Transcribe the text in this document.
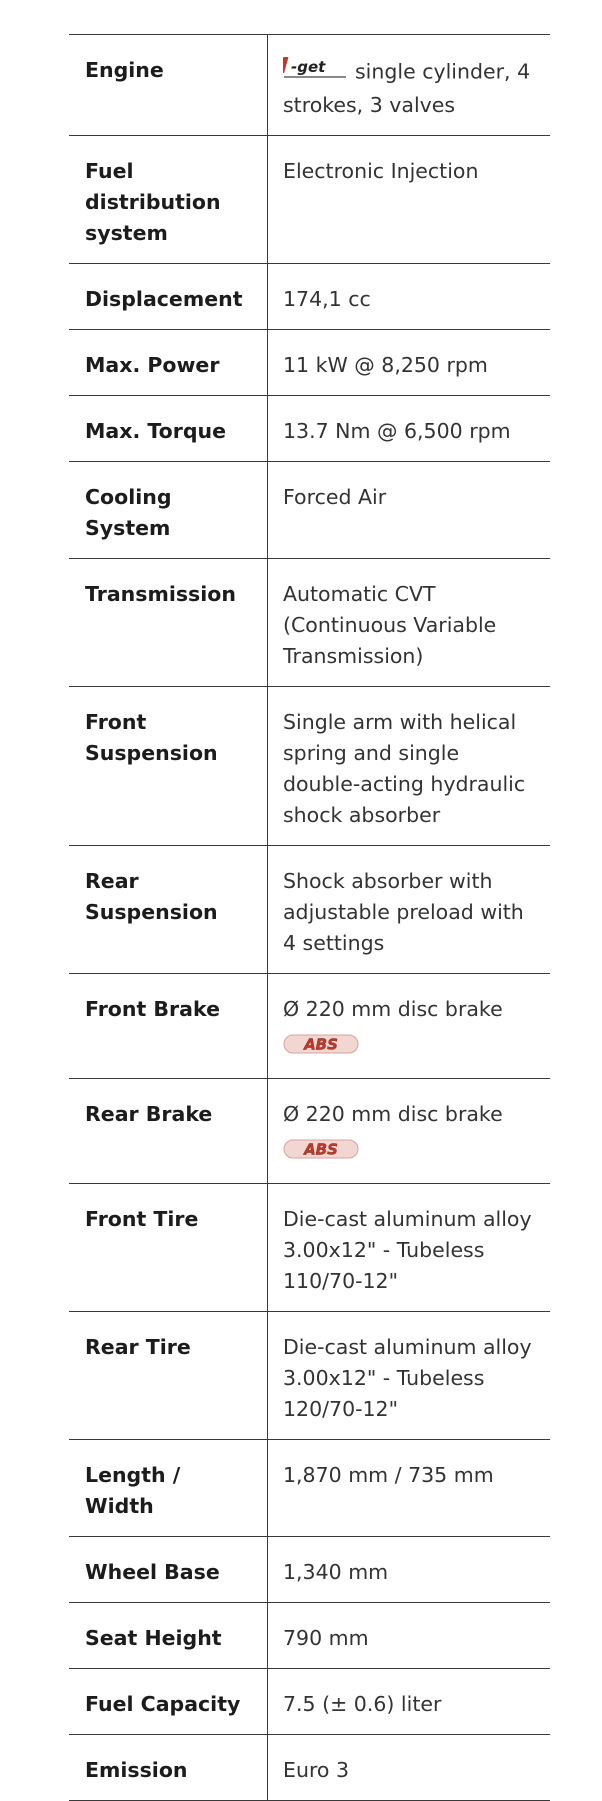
Engine	-get single cylinder, 4 strokes, 3 valves
Fuel distribution system	Electronic Injection
Displacement	174,1 cc
Max. Power	11 kW @ 8,250 rpm
Max. Torque	13.7 Nm @ 6,500 rpm
Cooling System	Forced Air
Transmission	Automatic CVT (Continuous Variable Transmission)
Front Suspension	Single arm with helical spring and single double-acting hydraulic shock absorber
Rear Suspension	Shock absorber with adjustable preload with 4 settings
Front Brake	Ø 220 mm disc brake
ABS

Rear Brake	Ø 220 mm disc brake
ABS

Front Tire	Die-cast aluminum alloy 3.00x12" - Tubeless 110/70-12"
Rear Tire	Die-cast aluminum alloy 3.00x12" - Tubeless 120/70-12"
Length / Width	1,870 mm / 735 mm
Wheel Base	1,340 mm
Seat Height	790 mm
Fuel Capacity	7.5 (± 0.6) liter
Emission	Euro 3
